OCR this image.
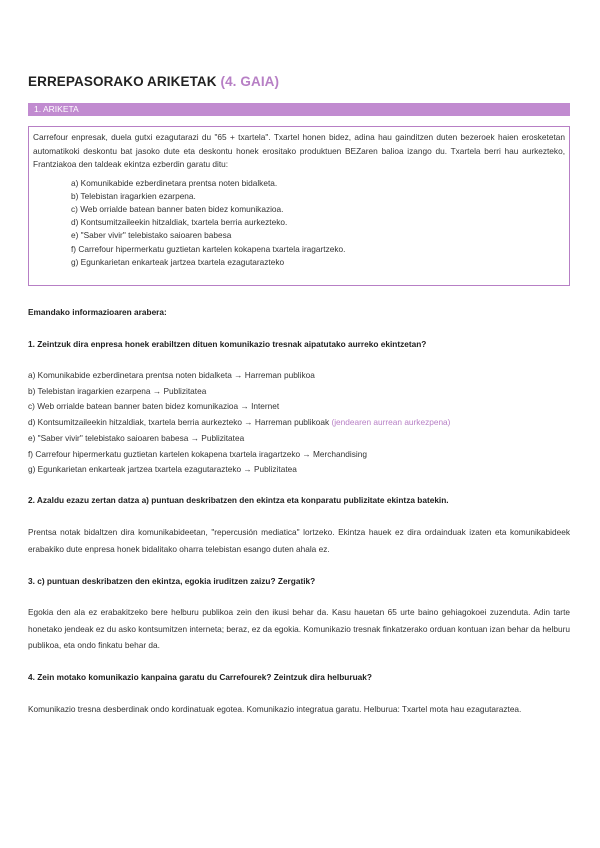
ERREPASORAKO ARIKETAK (4. GAIA)
1. ARIKETA

Carrefour enpresak, duela gutxi ezagutarazi du "65 + txartela". Txartel honen bidez, adina hau gainditzen duten bezeroek haien erosketetan automatikoki deskontu bat jasoko dute eta deskontu honek erositako produktuen BEZaren balioa izango du. Txartela berri hau aurkezteko, Frantziakoa den taldeak ekintza ezberdin garatu ditu:

a) Komunikabide ezberdinetara prentsa noten bidalketa.
b) Telebistan iragarkien ezarpena.
c) Web orrialde batean banner baten bidez komunikazioa.
d) Kontsumitzaileekin hitzaldiak, txartela berria aurkezteko.
e) "Saber vivir" telebistako saioaren babesa
f) Carrefour hipermerkatu guztietan kartelen kokapena txartela iragartzeko.
g) Egunkarietan enkarteak jartzea txartela ezagutarazteko
Emandako informazioaren arabera:
1. Zeintzuk dira enpresa honek erabiltzen dituen komunikazio tresnak aipatutako aurreko ekintzetan?
a) Komunikabide ezberdinetara prentsa noten bidalketa → Harreman publikoa
b) Telebistan iragarkien ezarpena → Publizitatea
c) Web orrialde batean banner baten bidez komunikazioa → Internet
d) Kontsumitzaileekin hitzaldiak, txartela berria aurkezteko → Harreman publikoak (jendearen aurrean aurkezpena)
e) "Saber vivir" telebistako saioaren babesa → Publizitatea
f) Carrefour hipermerkatu guztietan kartelen kokapena txartela iragartzeko → Merchandising
g) Egunkarietan enkarteak jartzea txartela ezagutarazteko → Publizitatea
2. Azaldu ezazu zertan datza a) puntuan deskribatzen den ekintza eta konparatu publizitate ekintza batekin.

Prentsa notak bidaltzen dira komunikabideetan, "repercusión mediatica" lortzeko. Ekintza hauek ez dira ordainduak izaten eta komunikabideek erabakiko dute enpresa honek bidalitako oharra telebistan esango duten ahala ez.

3. c) puntuan deskribatzen den ekintza, egokia iruditzen zaizu? Zergatik?

Egokia den ala ez erabakitzeko bere helburu publikoa zein den ikusi behar da. Kasu hauetan 65 urte baino gehiagokoei zuzenduta. Adin tarte honetako jendeak ez du asko kontsumitzen interneta; beraz, ez da egokia. Komunikazio tresnak finkatzerako orduan kontuan izan behar da helburu publikoa, eta ondo finkatu behar da.

4. Zein motako komunikazio kanpaina garatu du Carrefourek? Zeintzuk dira helburuak?

Komunikazio tresna desberdinak ondo kordinatuak egotea. Komunikazio integratua garatu. Helburua: Txartel mota hau ezagutaraztea.
